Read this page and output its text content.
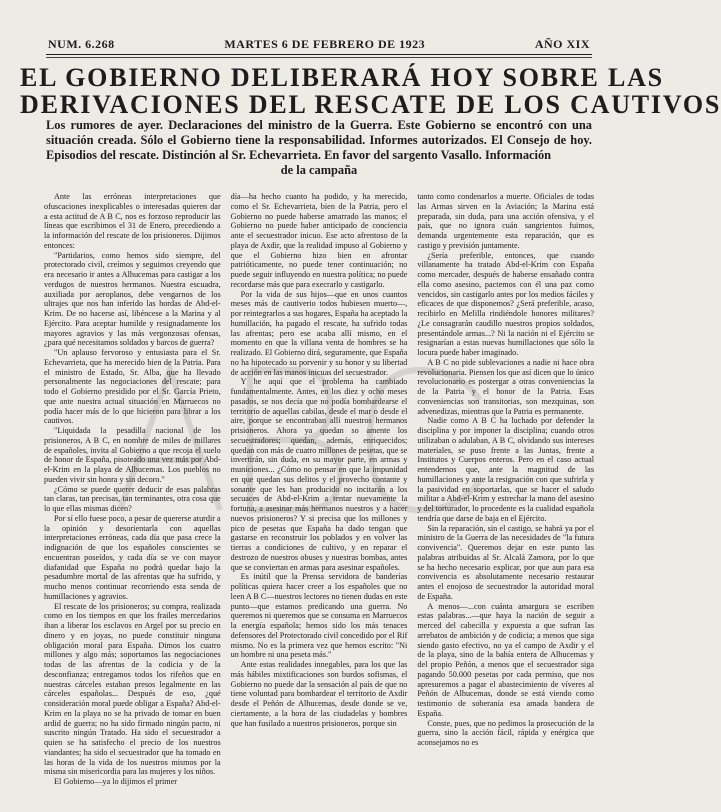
NUM. 6.268	MARTES 6 DE FEBRERO DE 1923	AÑO XIX
EL GOBIERNO DELIBERARÁ HOY SOBRE LAS
DERIVACIONES DEL RESCATE DE LOS CAUTIVOS

Los rumores de ayer. Declaraciones del ministro de la Guerra. Este Gobierno se encontró con una situación creada. Sólo el Gobierno tiene la responsabilidad. Informes autorizados. El Consejo de hoy. Episodios del rescate. Distinción al Sr. Echevarrieta. En favor del sargento Vasallo. Información

de la campaña

Ante las erróneas interpretaciones que ofuscaciones inexplicables o interesadas quieren dar a esta actitud de A B C, nos es forzoso reproducir las líneas que escribimos el 31 de Enero, precediendo a la información del rescate de los prisioneros. Dijimos entonces:

"Partidarios, como hemos sido siempre, del protectorado civil, creímos y seguimos creyendo que era necesario ir antes a Alhucemas para castigar a los verdugos de nuestros hermanos. Nuestra escuadra, auxiliada por aeroplanos, debe vengarnos de los ultrajes que nos han inferido las hordas de Abd-el-Krim. De no hacerse así, libéncese a la Marina y al Ejército. Para aceptar humilde y resignadamente los mayores agravios y las más vergonzosas ofensas, ¿para qué necesitamos soldados y barcos de guerra?

"Un aplauso fervoroso y entusiasta para el Sr. Echevarrieta, que ha merecido bien de la Patria. Para el ministro de Estado, Sr. Alba, que ha llevado personalmente las negociaciones del rescate; para todo el Gobierno presidido por el Sr. García Prieto, que ante nuestra actual situación en Marruecos no podía hacer más de lo que hicieron para librar a los cautivos.

"Liquidada la pesadilla nacional de los prisioneros, A B C, en nombre de miles de millares de españoles, invita al Gobierno a que recoja el suelo de honor de España, pisoteado una vez más por Abd-el-Krim en la playa de Alhucemas. Los pueblos no pueden vivir sin honra y sin decoro."

¿Cómo se puede querer deducir de esas palabras tan claras, tan precisas, tan terminantes, otra cosa que lo que ellas mismas dicen?

Por sí ello fuese poco, a pesar de quererse aturdir a la opinión y desorientarla con aquellas interpretaciones erróneas, cada día que pasa crece la indignación de que los españoles conscientes se encuentran poseídos, y cada día se ve con mayor diafanidad que España no podrá quedar bajo la pesadumbre mortal de las afrentas que ha sufrido, y mucho menos continuar recorriendo esta senda de humillaciones y agravios.

El rescate de los prisioneros; su compra, realizada como en los tiempos en que los frailes mercedarios iban a liberar los esclavos en Argel por su precio en dinero y en joyas, no puede constituir ninguna obligación moral para España. Dimos los cuatro millones y algo más; soportamos las negociaciones todas de las afrentas de la codicia y de la desconfianza; entregamos todos los rifeños que en nuestras cárceles estaban presos legalmente en las cárceles españolas... Después de eso, ¿qué consideración moral puede obligar a España? Abd-el-Krim en la playa no se ha privado de tomar en buen ardid de guerra; no ha sido firmado ningún pacto, ni suscrito ningún Tratado. Ha sido el secuestrador a quien se ha satisfecho el precio de los nuestros viandantes; ha sido el secuestrador que ha tomado en las horas de la vida de los nuestros mismos por la misma sin misericordia para las mujeres y los niños.

El Gobierno—ya lo dijimos el primer

día—ha hecho cuanto ha podido, y ha merecido, como el Sr. Echevarrieta, bien de la Patria, pero el Gobierno no puede haberse amarrado las manos; el Gobierno no puede haber anticipado de conciencia ante el secuestrador inicuo. Ese acto afrentoso de la playa de Axdir, que la realidad impuso al Gobierno y que el Gobierno hizo bien en afrontar patrióticamente, no puede tener continuación; no puede seguir influyendo en nuestra política; no puede recordarse más que para execrarlo y castigarlo.

Por la vida de sus hijos—que en unos cuantos meses más de cautiverio todos hubiesen muerto—, por reintegrarlos a sus hogares, España ha aceptado la humillación, ha pagado el rescate, ha sufrido todas las afrentas; pero ese acaba allí mismo, en el momento en que la villana venta de hombres se ha realizado. El Gobierno dirá, seguramente, que España no ha hipotecado su porvenir y su honor y su libertad de acción en las manos inicuas del secuestrador.

Y he aquí que el problema ha cambiado fundamentalmente. Antes, en los diez y ocho meses pasados, se nos decía que no podía bombardearse el territorio de aquellas cabilas, desde el mar o desde el aire, porque se encontraban allí nuestros hermanos prisioneros. Ahora ya quedan so amente los secuestradores; quedan, además, enriquecidos; quedan con más de cuatro millones de pesetas, que se invertirán, sin duda, en su mayor parte, en armas y municiones... ¿Cómo no pensar en que la impunidad en que quedan sus delitos y el provecho contante y sonante que les han producido no incitarán a los secuaces de Abd-el-Krim a tentar nuevamente la fortuna, a asesinar más hermanos nuestros y a hacer nuevos prisioneros? Y si precisa que los millones y pico de pesetas que España ha dado tengan que gastarse en reconstruir los poblados y en volver las tierras a condiciones de cultivo, y en reparar el destrozo de nuestros obuses y nuestras bombas, antes que se conviertan en armas para asesinar españoles.

Es inútil que la Prensa servidora de banderías políticas quiera hacer creer a los españoles que no leen A B C—nuestros lectores no tienen dudas en este punto—que estamos predicando una guerra. No queremos ni queremos que se consuma en Marruecos la energía española; hemos sido los más tenaces defensores del Protectorado civil concedido por el Rif mismo. No es la primera vez que hemos escrito: "Ni un hombre ni una peseta más."

Ante estas realidades innegables, para los que las más hábiles mixtificaciones son burdos sofismas, el Gobierno no puede dar la sensación al país de que no tiene voluntad para bombardear el territorio de Axdir desde el Peñón de Alhucemas, desde donde se ve, ciertamente, a la hora de las ciudadelas y hombres que han fusilado a nuestros prisioneros, porque sin

tanto como condenarlos a muerte. Oficiales de todas las Armas sirven en la Aviación; la Marina está preparada, sin duda, para una acción ofensiva, y el país, que no ignora cuán sangrientos fuimos, demanda urgentemente esta reparación, que es castigo y previsión juntamente.

¿Sería preferible, entonces, que cuando villanamente ha tratado Abd-el-Krim con España como mercader, después de haberse ensañado contra ella como asesino, pactemos con él una paz como vencidos, sin castigarlo antes por los medios fáciles y eficaces de que disponemos? ¿Será preferible, acaso, recibirlo en Melilla rindiéndole honores militares? ¿Le consagrarán caudillo nuestros propios soldados, presentándole armas...? Ni la nación ni el Ejército se resignarían a estas nuevas humillaciones que sólo la locura puede haber imaginado.

A B C no pide sublevaciones a nadie ni hace obra revolucionaria. Piensen los que así dicen que lo único revolucionario es postergar a otras conveniencias la de la Patria y el honor de la Patria. Esas conveniencias son transitorias, son mezquinas, son advenedizas, mientras que la Patria es permanente.

Nadie como A B C ha luchado por defender la disciplina y por imponer la disciplina; cuando otros utilizaban o adulaban, A B C, olvidando sus intereses materiales, se puso frente a las Juntas, frente a Institutos y Cuerpos enteros. Pero en el caso actual entendemos que, ante la magnitud de las humillaciones y ante la resignación con que sufrirla y la pasividad en soportarlas, que se hacer el saludo militar a Abd-el-Krim y estrechar la mano del asesino y del torturador, lo procedente es la cualidad española tendría que darse de baja en el Ejército.

Sin la reparación, sin el castigo, se habrá ya por el ministro de la Guerra de las necesidades de "la futura convivencia". Queremos dejar en este punto las palabras atribuidas al Sr. Alcalá Zamora, por lo que se ha hecho necesario explicar, por que aun para esa convivencia es absolutamente necesario restaurar antes el enojoso de secuestrador la autoridad moral de España.

A menos—...con cuánta amargura se escriben estas palabras...—que haya la nación de seguir a merced del cabecilla y expuesta a que sufran las arrebatos de ambición y de codicia; a menos que siga siendo gasto efectivo, no ya el campo de Axdir y el de la playa, sino de la bahía entera de Alhucemas y del propio Peñón, a menos que el secuestrador siga pagando 50.000 pesetas por cada permiso, que nos apresuremos a pagar el abastecimiento de víveres al Peñón de Alhucemas, donde se está viendo como testimonio de soberanía esa amada bandera de España.

Conste, pues, que no pedimos la prosecución de la guerra, sino la acción fácil, rápida y enérgica que aconsejamos no es
